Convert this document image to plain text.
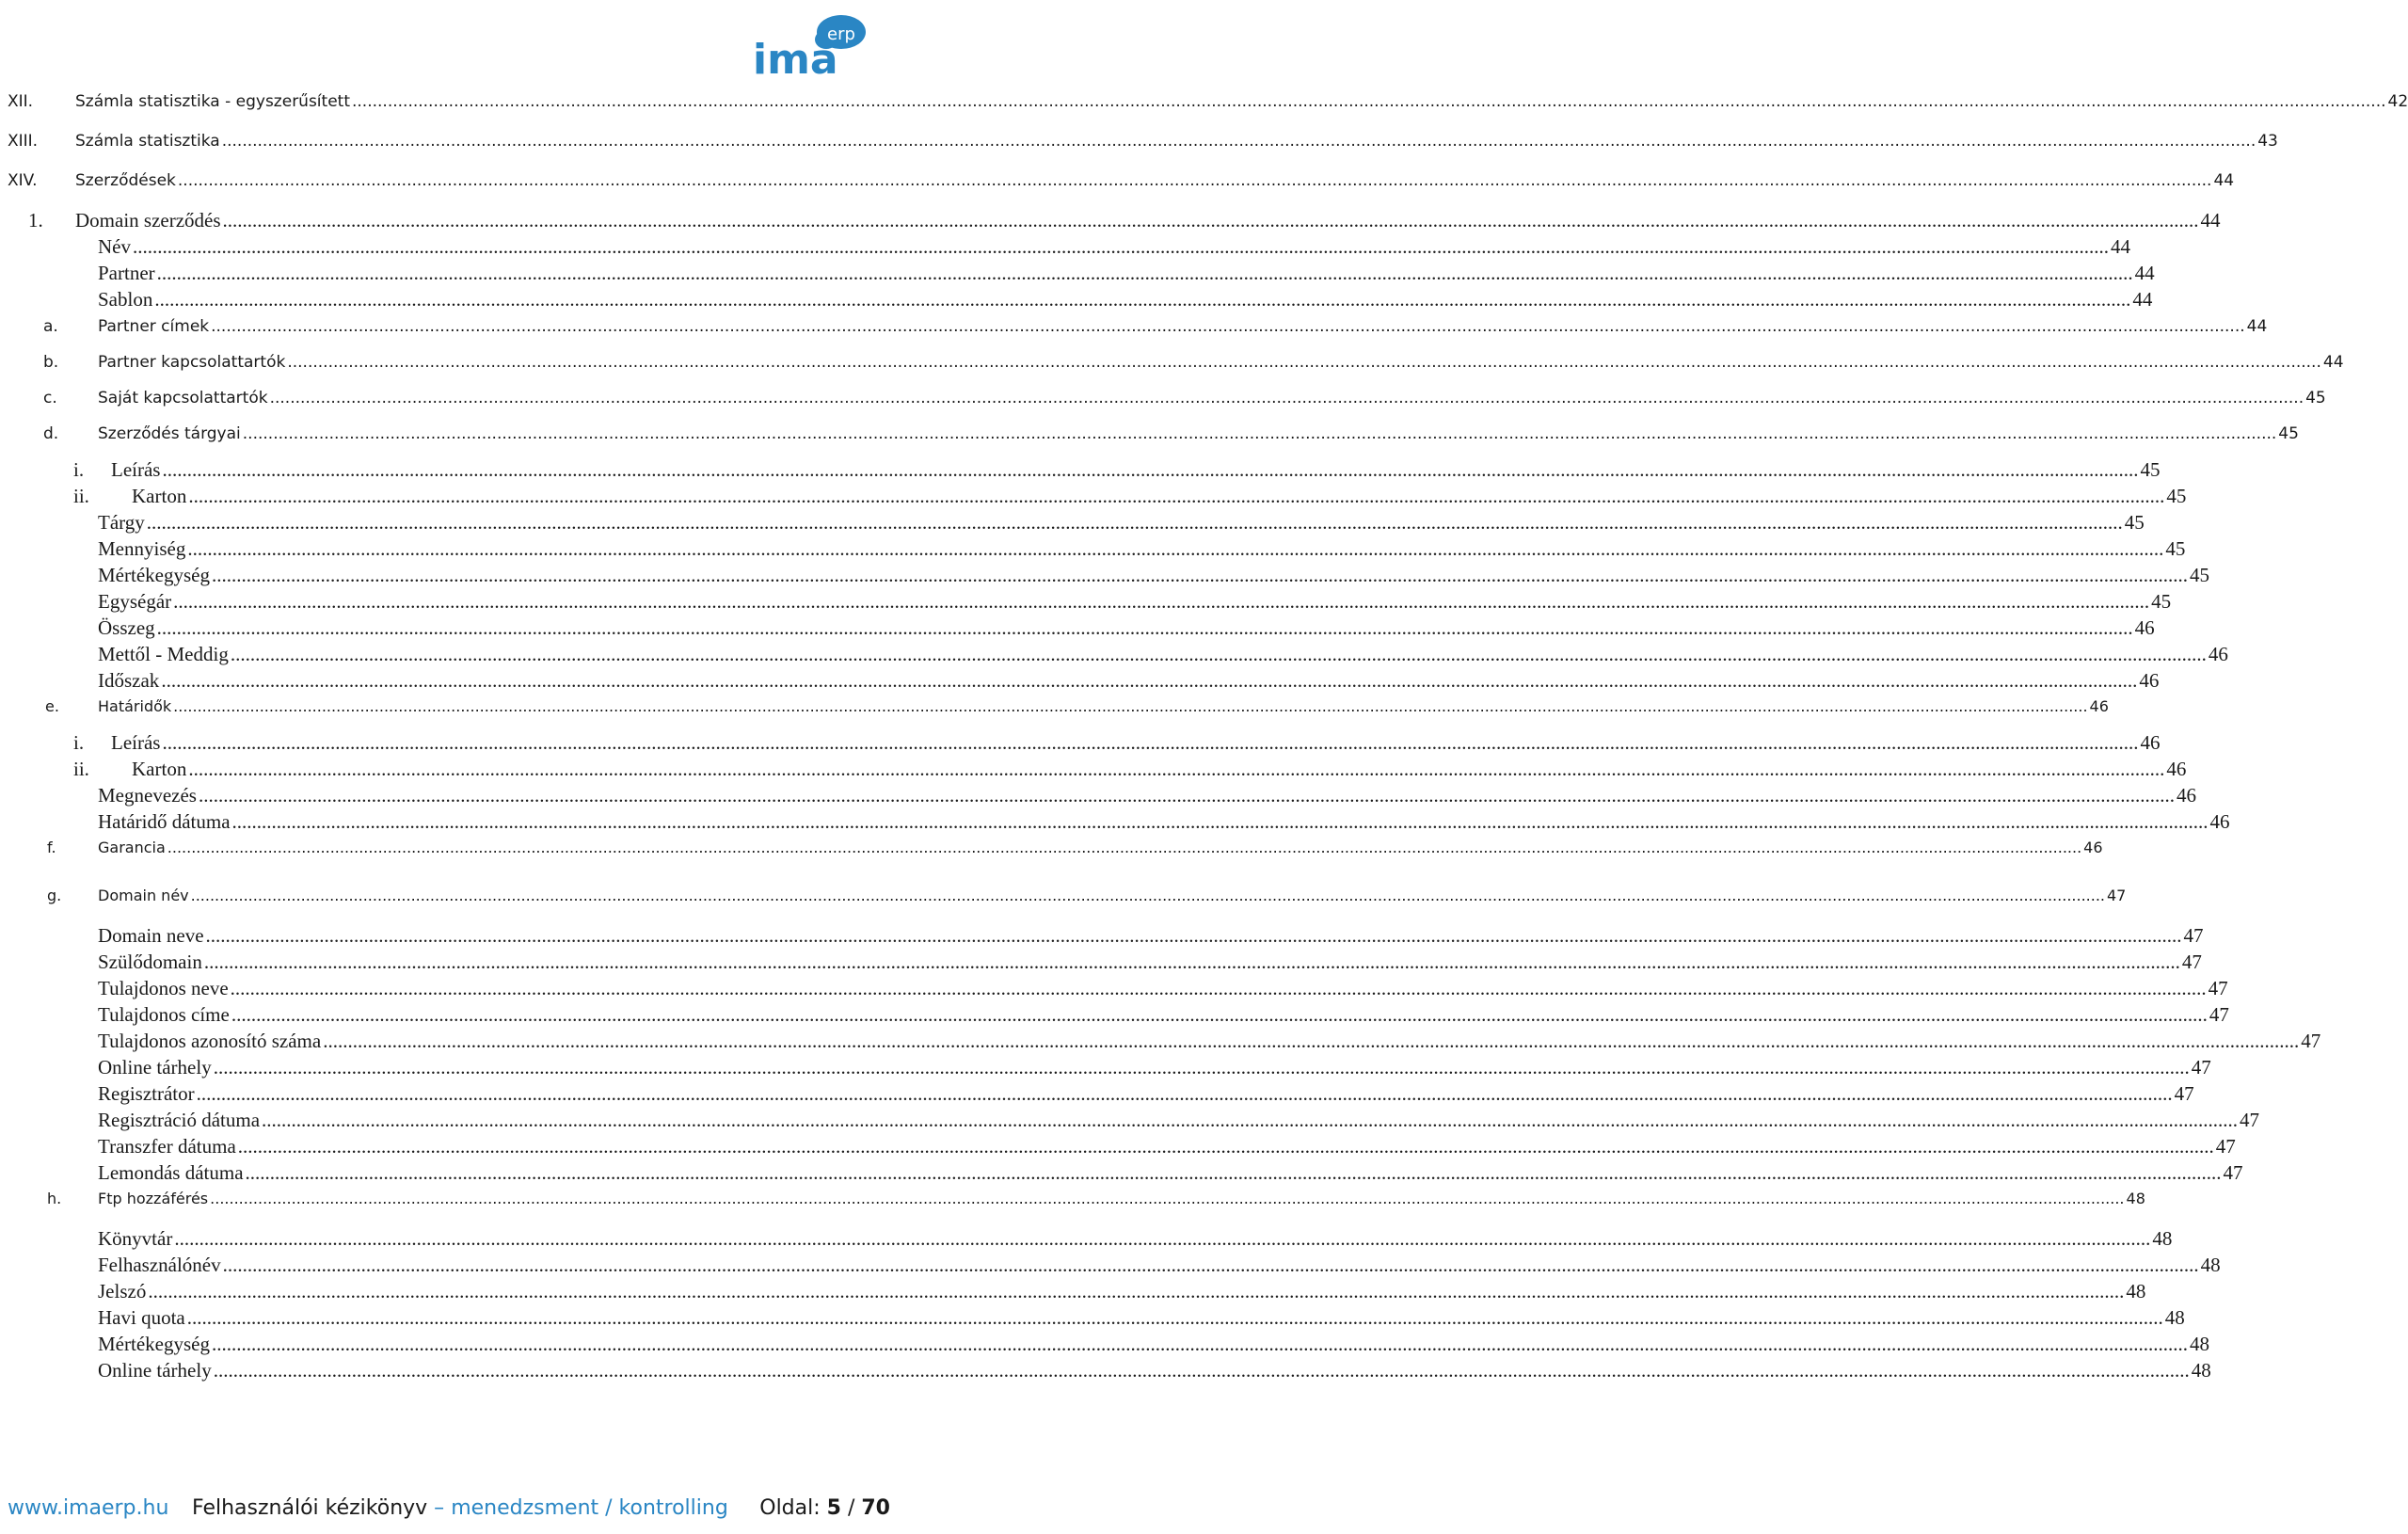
erp
ima
XII.	Számla statisztika - egyszerűsített ................................................................................................................................................................................................................................................................................................................................................................................................................ 42
XIII. Számla statisztika ................................................................................................................................................................................................................................................................................................................................................................................................................ 43
XIV. Szerződések ................................................................................................................................................................................................................................................................................................................................................................................................................ 44
1. Domain szerződés ................................................................................................................................................................................................................................................................................................................................................................................................................ 44
Név ................................................................................................................................................................................................................................................................................................................................................................................................................ 44
Partner ................................................................................................................................................................................................................................................................................................................................................................................................................ 44
Sablon ................................................................................................................................................................................................................................................................................................................................................................................................................ 44
a. Partner címek ................................................................................................................................................................................................................................................................................................................................................................................................................ 44
b. Partner kapcsolattartók ................................................................................................................................................................................................................................................................................................................................................................................................................ 44
c.	Saját kapcsolattartók ................................................................................................................................................................................................................................................................................................................................................................................................................ 45
d. Szerződés tárgyai ................................................................................................................................................................................................................................................................................................................................................................................................................ 45
i. Leírás ................................................................................................................................................................................................................................................................................................................................................................................................................ 45
ii. Karton ................................................................................................................................................................................................................................................................................................................................................................................................................ 45
Tárgy ................................................................................................................................................................................................................................................................................................................................................................................................................ 45
Mennyiség ................................................................................................................................................................................................................................................................................................................................................................................................................ 45
Mértékegység ................................................................................................................................................................................................................................................................................................................................................................................................................ 45
Egységár ................................................................................................................................................................................................................................................................................................................................................................................................................ 45
Összeg ................................................................................................................................................................................................................................................................................................................................................................................................................ 46
Mettől - Meddig ................................................................................................................................................................................................................................................................................................................................................................................................................ 46
Időszak ................................................................................................................................................................................................................................................................................................................................................................................................................ 46
e.	Határidők ................................................................................................................................................................................................................................................................................................................................................................................................................ 46
i. Leírás ................................................................................................................................................................................................................................................................................................................................................................................................................ 46
ii. Karton ................................................................................................................................................................................................................................................................................................................................................................................................................ 46
Megnevezés ................................................................................................................................................................................................................................................................................................................................................................................................................ 46
Határidő dátuma ................................................................................................................................................................................................................................................................................................................................................................................................................ 46
f.	Garancia ................................................................................................................................................................................................................................................................................................................................................................................................................ 46
g. Domain név ................................................................................................................................................................................................................................................................................................................................................................................................................ 47
Domain neve ................................................................................................................................................................................................................................................................................................................................................................................................................ 47
Szülődomain ................................................................................................................................................................................................................................................................................................................................................................................................................ 47
Tulajdonos neve ................................................................................................................................................................................................................................................................................................................................................................................................................ 47
Tulajdonos címe ................................................................................................................................................................................................................................................................................................................................................................................................................ 47
Tulajdonos azonosító száma ................................................................................................................................................................................................................................................................................................................................................................................................................ 47
Online tárhely ................................................................................................................................................................................................................................................................................................................................................................................................................ 47
Regisztrátor ................................................................................................................................................................................................................................................................................................................................................................................................................ 47
Regisztráció dátuma ................................................................................................................................................................................................................................................................................................................................................................................................................ 47
Transzfer dátuma ................................................................................................................................................................................................................................................................................................................................................................................................................ 47
Lemondás dátuma ................................................................................................................................................................................................................................................................................................................................................................................................................ 47
h. Ftp hozzáférés ................................................................................................................................................................................................................................................................................................................................................................................................................ 48
Könyvtár ................................................................................................................................................................................................................................................................................................................................................................................................................ 48
Felhasználónév ................................................................................................................................................................................................................................................................................................................................................................................................................ 48
Jelszó ................................................................................................................................................................................................................................................................................................................................................................................................................ 48
Havi quota ................................................................................................................................................................................................................................................................................................................................................................................................................ 48
Mértékegység ................................................................................................................................................................................................................................................................................................................................................................................................................ 48
Online tárhely ................................................................................................................................................................................................................................................................................................................................................................................................................ 48
www.imaerp.hu Felhasználói kézikönyv – menedzsment / kontrolling Oldal: 5 / 70
